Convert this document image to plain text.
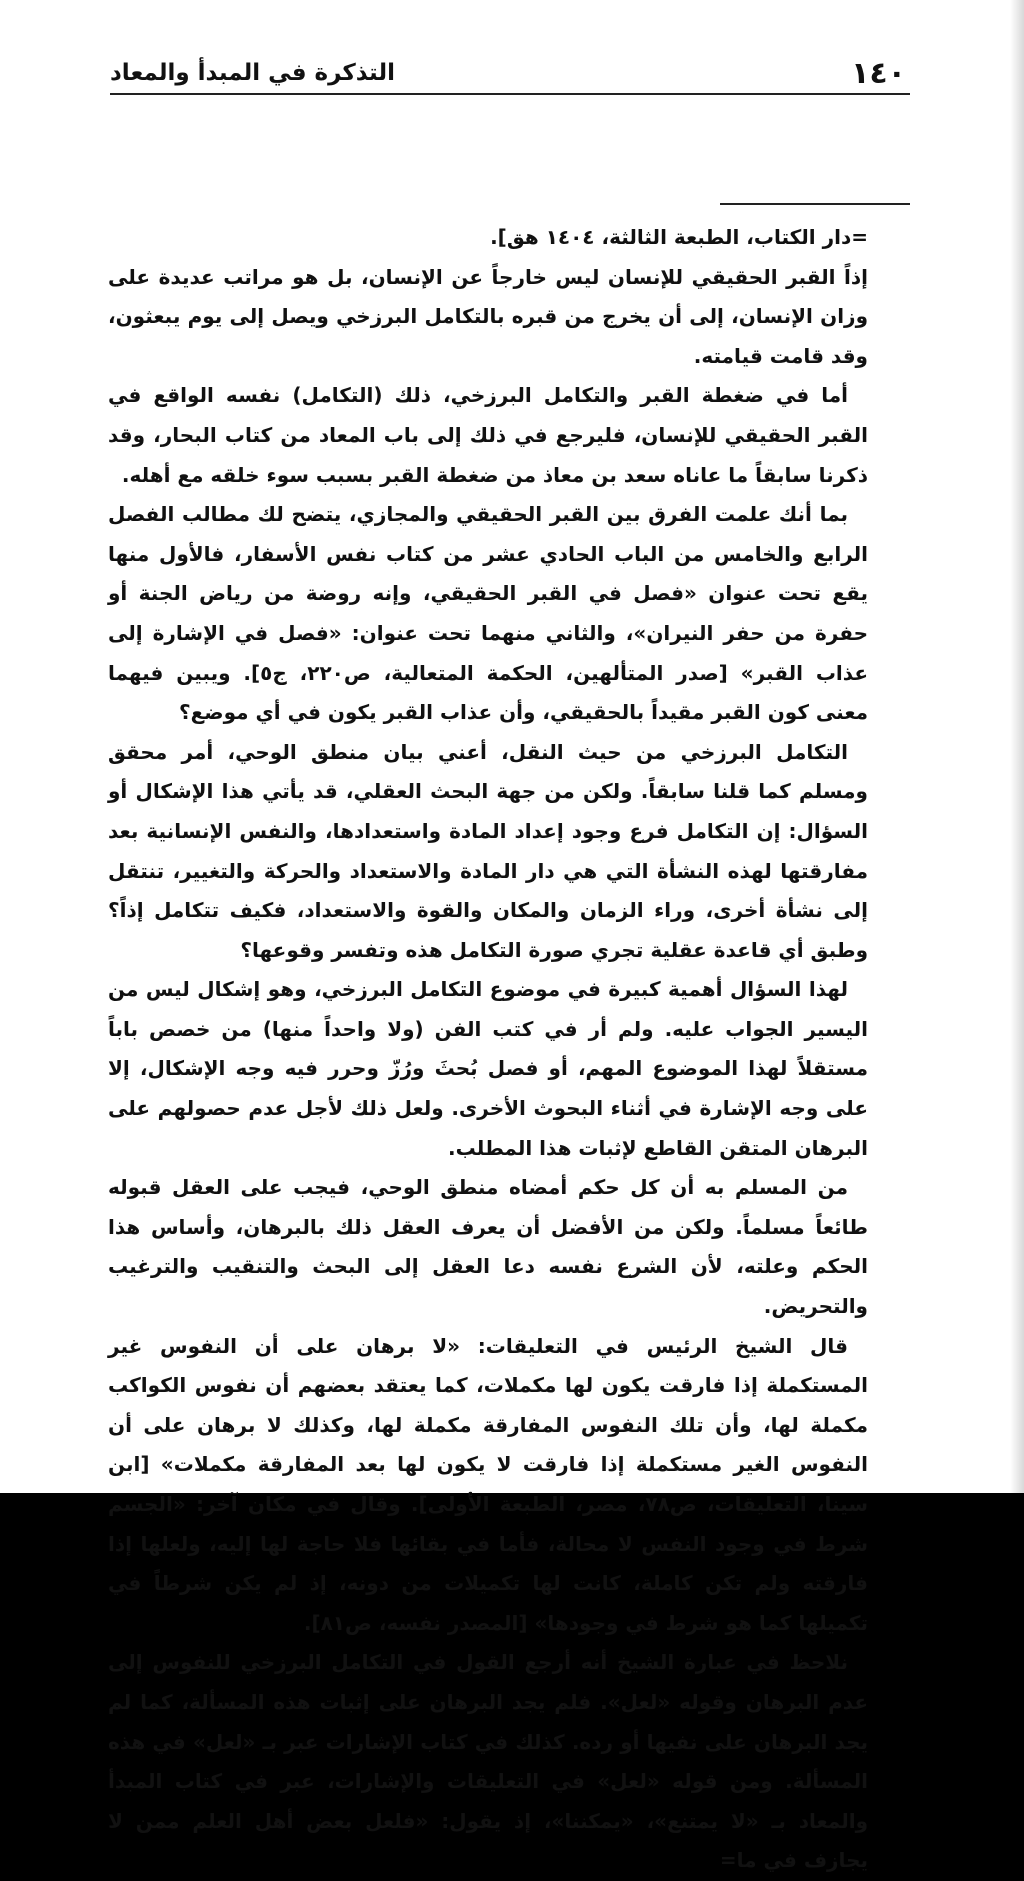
١٤٠
التذكرة في المبدأ والمعاد

=دار الكتاب، الطبعة الثالثة، ١٤٠٤ هق].

إذاً القبر الحقيقي للإنسان ليس خارجاً عن الإنسان، بل هو مراتب عديدة على وزان الإنسان، إلى أن يخرج من قبره بالتكامل البرزخي ويصل إلى يوم يبعثون، وقد قامت قيامته.

أما في ضغطة القبر والتكامل البرزخي، ذلك (التكامل) نفسه الواقع في القبر الحقيقي للإنسان، فليرجع في ذلك إلى باب المعاد من كتاب البحار، وقد ذكرنا سابقاً ما عاناه سعد بن معاذ من ضغطة القبر بسبب سوء خلقه مع أهله.

بما أنك علمت الفرق بين القبر الحقيقي والمجازي، يتضح لك مطالب الفصل الرابع والخامس من الباب الحادي عشر من كتاب نفس الأسفار، فالأول منها يقع تحت عنوان «فصل في القبر الحقيقي، وإنه روضة من رياض الجنة أو حفرة من حفر النيران»، والثاني منهما تحت عنوان: «فصل في الإشارة إلى عذاب القبر» [صدر المتألهين، الحكمة المتعالية، ص٢٢٠، ج٥]. ويبين فيهما معنى كون القبر مقيداً بالحقيقي، وأن عذاب القبر يكون في أي موضع؟

التكامل البرزخي من حيث النقل، أعني بيان منطق الوحي، أمر محقق ومسلم كما قلنا سابقاً. ولكن من جهة البحث العقلي، قد يأتي هذا الإشكال أو السؤال: إن التكامل فرع وجود إعداد المادة واستعدادها، والنفس الإنسانية بعد مفارقتها لهذه النشأة التي هي دار المادة والاستعداد والحركة والتغيير، تنتقل إلى نشأة أخرى، وراء الزمان والمكان والقوة والاستعداد، فكيف تتكامل إذاً؟ وطبق أي قاعدة عقلية تجري صورة التكامل هذه وتفسر وقوعها؟

لهذا السؤال أهمية كبيرة في موضوع التكامل البرزخي، وهو إشكال ليس من اليسير الجواب عليه. ولم أر في كتب الفن (ولا واحداً منها) من خصص باباً مستقلاً لهذا الموضوع المهم، أو فصل بُحثَ ورُزّ وحرر فيه وجه الإشكال، إلا على وجه الإشارة في أثناء البحوث الأخرى. ولعل ذلك لأجل عدم حصولهم على البرهان المتقن القاطع لإثبات هذا المطلب.

من المسلم به أن كل حكم أمضاه منطق الوحي، فيجب على العقل قبوله طائعاً مسلماً. ولكن من الأفضل أن يعرف العقل ذلك بالبرهان، وأساس هذا الحكم وعلته، لأن الشرع نفسه دعا العقل إلى البحث والتنقيب والترغيب والتحريض.

قال الشيخ الرئيس في التعليقات: «لا برهان على أن النفوس غير المستكملة إذا فارقت يكون لها مكملات، كما يعتقد بعضهم أن نفوس الكواكب مكملة لها، وأن تلك النفوس المفارقة مكملة لها، وكذلك لا برهان على أن النفوس الغير مستكملة إذا فارقت لا يكون لها بعد المفارقة مكملات» [ابن سينا، التعليقات، ص٧٨، مصر، الطبعة الأولى]. وقال في مكان آخر: «الجسم شرط في وجود النفس لا محالة، فأما في بقائها فلا حاجة لها إليه، ولعلها إذا فارقته ولم تكن كاملة، كانت لها تكميلات من دونه، إذ لم يكن شرطاً في تكميلها كما هو شرط في وجودها» [المصدر نفسه، ص٨١].

نلاحظ في عبارة الشيخ أنه أرجع القول في التكامل البرزخي للنفوس إلى عدم البرهان وقوله «لعل». فلم يجد البرهان على إثبات هذه المسألة، كما لم يجد البرهان على نفيها أو رده. كذلك في كتاب الإشارات عبر بـ «لعل» في هذه المسألة. ومن قوله «لعل» في التعليقات والإشارات، عبر في كتاب المبدأ والمعاد بـ «لا يمتنع»، «يمكننا»، إذ يقول: «فلعل بعض أهل العلم ممن لا يجازف في ما=
